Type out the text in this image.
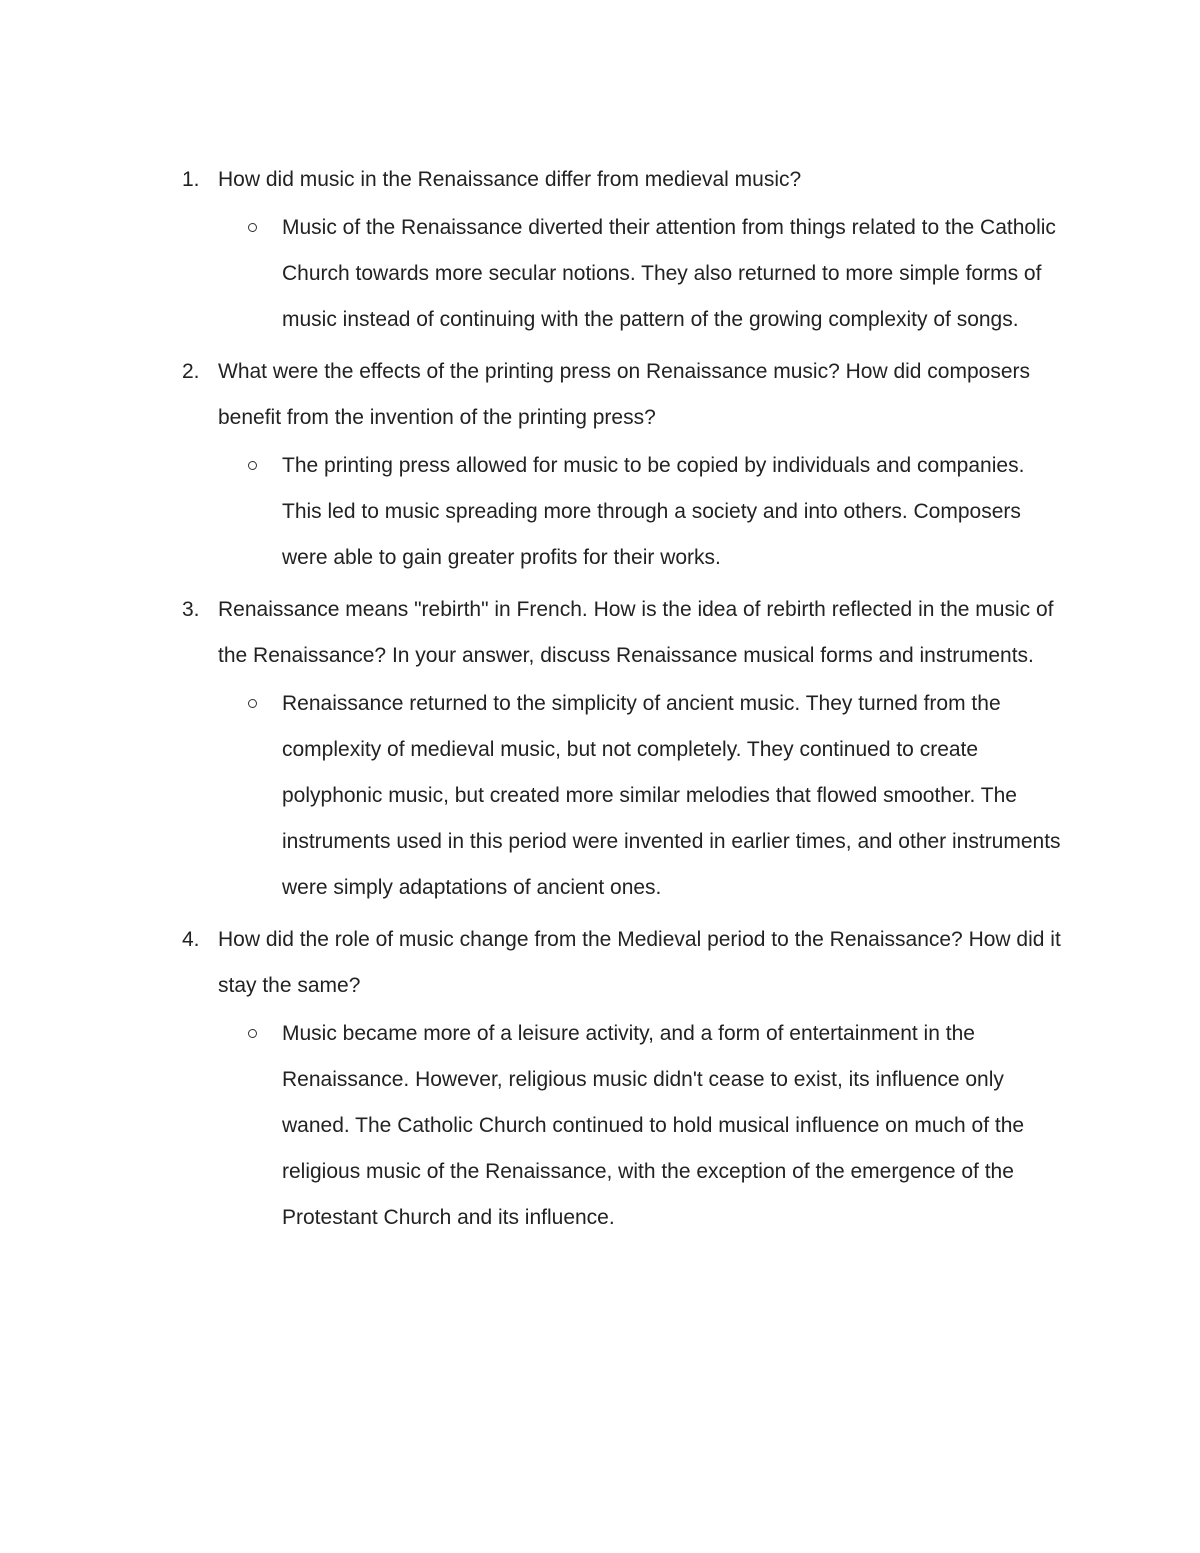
1. How did music in the Renaissance differ from medieval music?
Music of the Renaissance diverted their attention from things related to the Catholic Church towards more secular notions. They also returned to more simple forms of music instead of continuing with the pattern of the growing complexity of songs.
2. What were the effects of the printing press on Renaissance music? How did composers benefit from the invention of the printing press?
The printing press allowed for music to be copied by individuals and companies. This led to music spreading more through a society and into others. Composers were able to gain greater profits for their works.
3. Renaissance means "rebirth" in French. How is the idea of rebirth reflected in the music of the Renaissance? In your answer, discuss Renaissance musical forms and instruments.
Renaissance returned to the simplicity of ancient music. They turned from the complexity of medieval music, but not completely. They continued to create polyphonic music, but created more similar melodies that flowed smoother. The instruments used in this period were invented in earlier times, and other instruments were simply adaptations of ancient ones.
4. How did the role of music change from the Medieval period to the Renaissance? How did it stay the same?
Music became more of a leisure activity, and a form of entertainment in the Renaissance. However, religious music didn't cease to exist, its influence only waned. The Catholic Church continued to hold musical influence on much of the religious music of the Renaissance, with the exception of the emergence of the Protestant Church and its influence.
